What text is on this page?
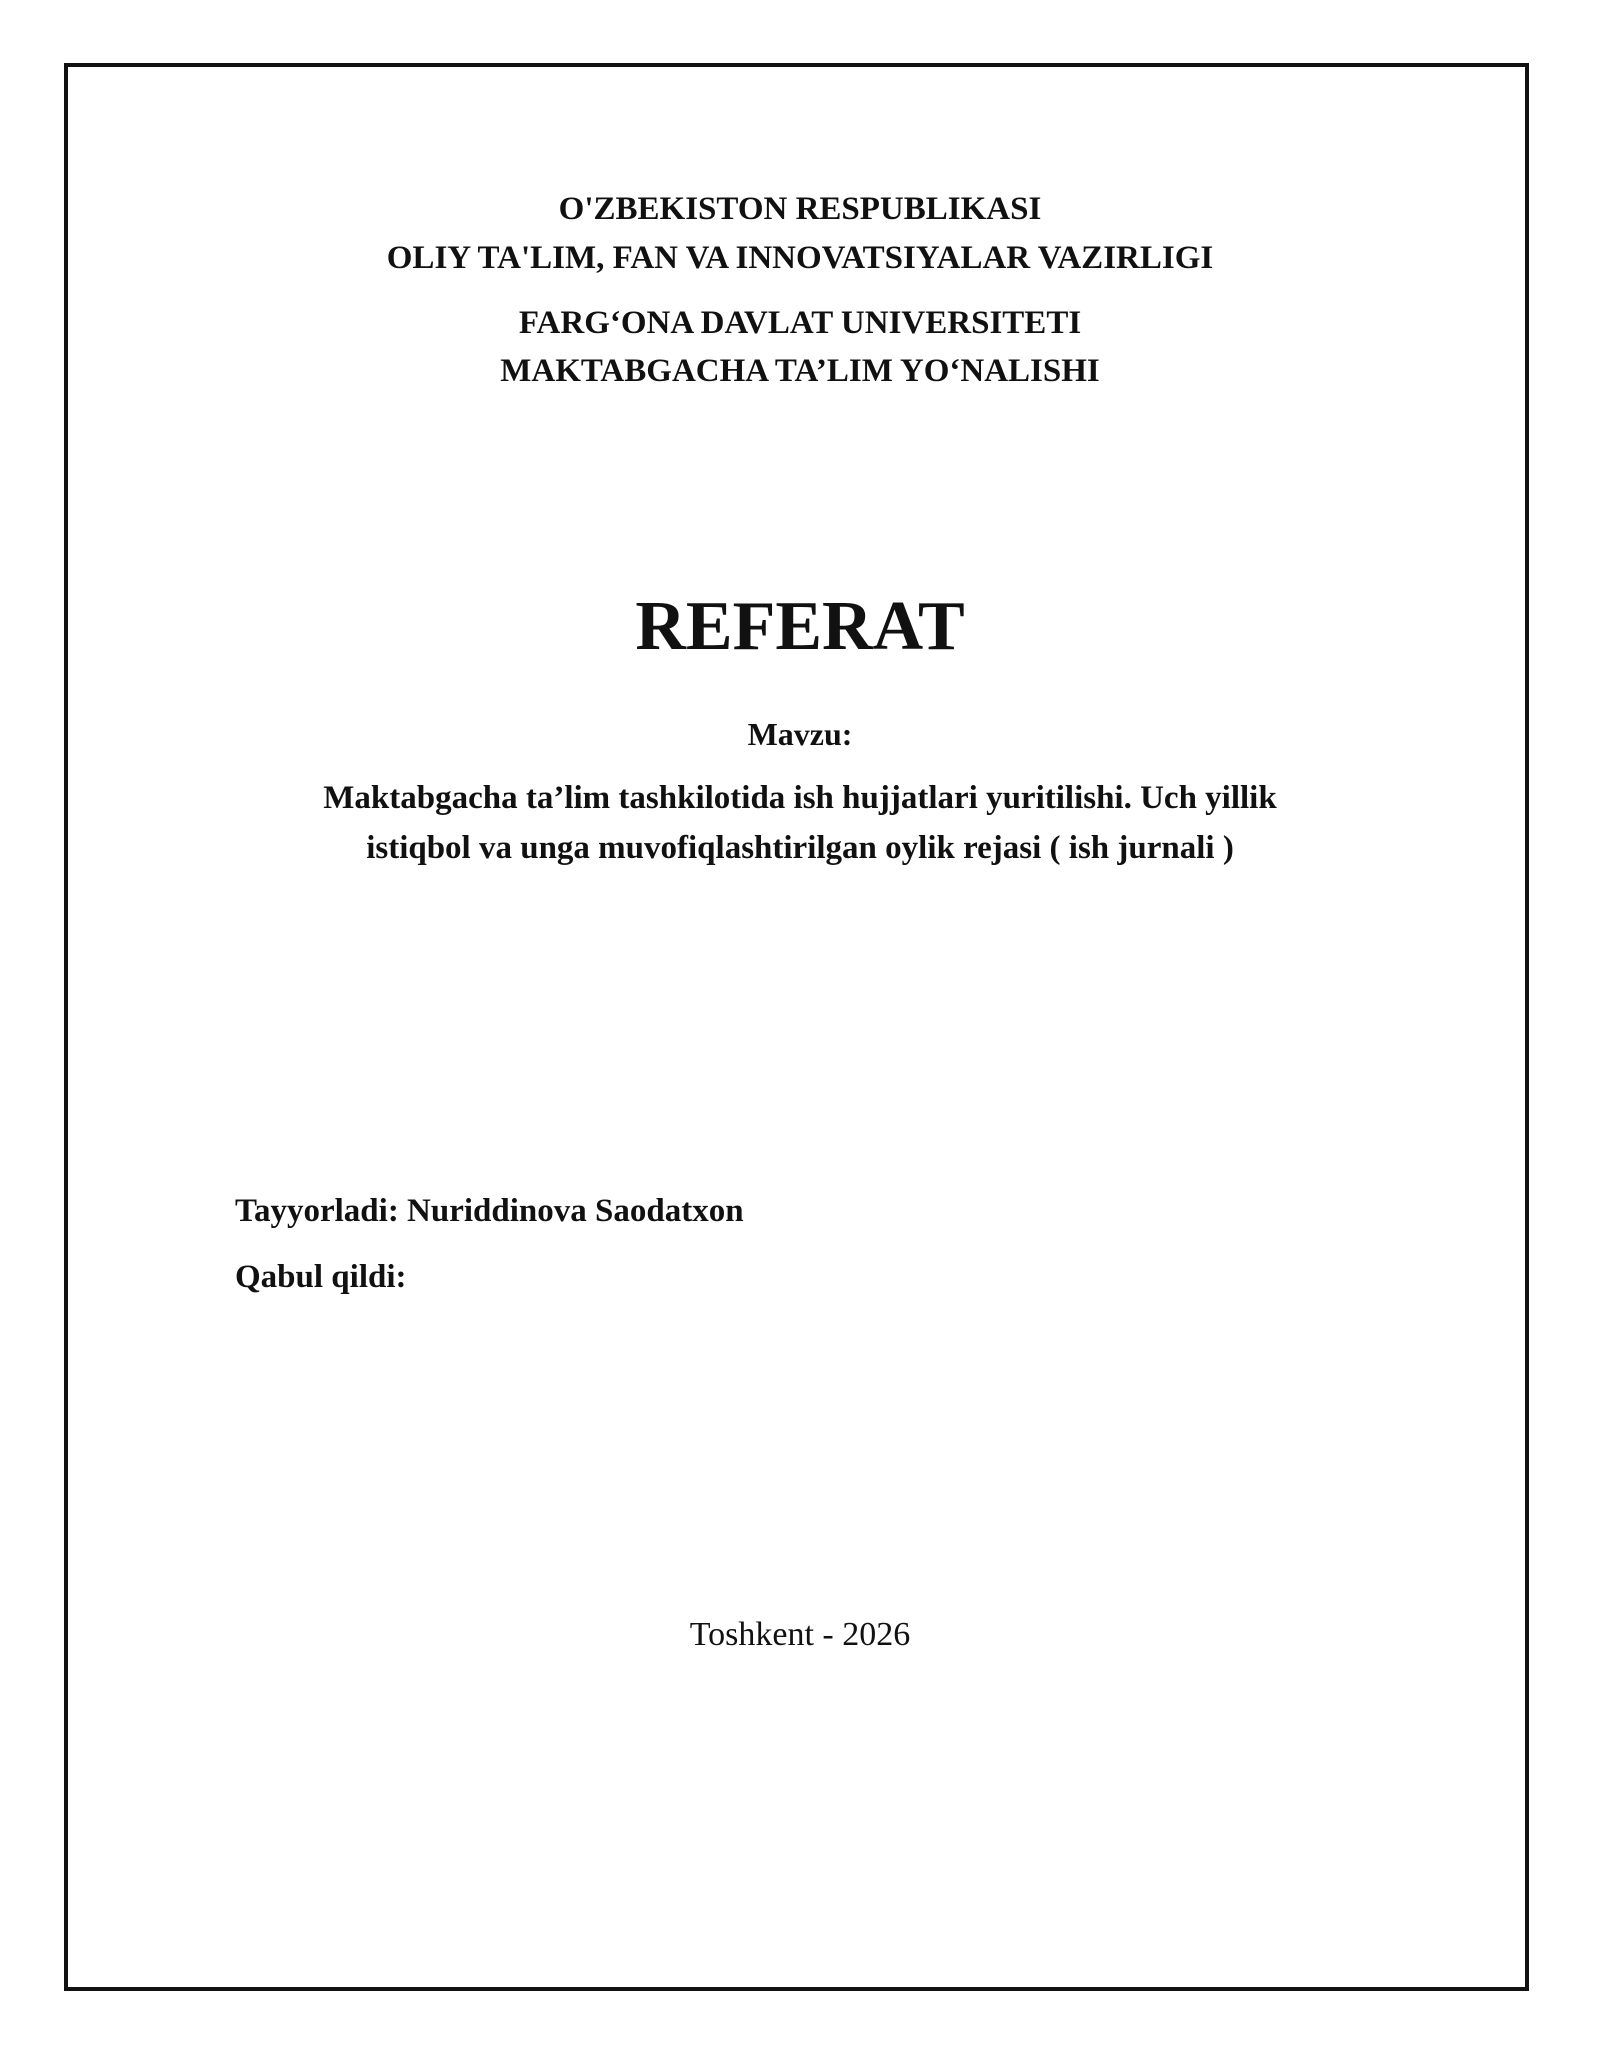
O'ZBEKISTON RESPUBLIKASI
OLIY TA'LIM, FAN VA INNOVATSIYALAR VAZIRLIGI
FARG‘ONA DAVLAT UNIVERSITETI
MAKTABGACHA TA’LIM YO‘NALISHI
REFERAT
Mavzu:
Maktabgacha ta’lim tashkilotida ish hujjatlari yuritilishi. Uch yillik
istiqbol va unga muvofiqlashtirilgan oylik rejasi ( ish jurnali )
Tayyorladi: Nuriddinova Saodatxon
Qabul qildi:
Toshkent - 2026
